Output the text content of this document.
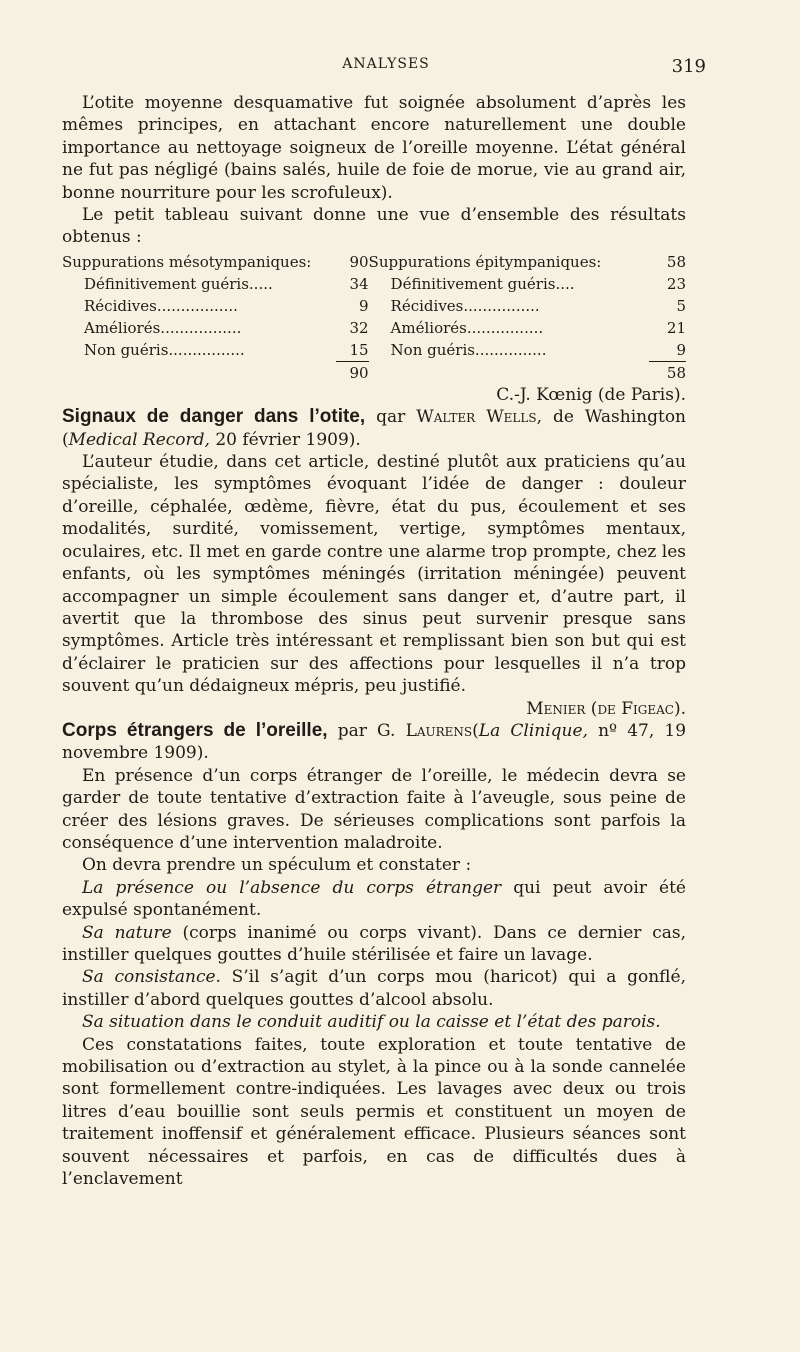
ANALYSES	319

L’otite moyenne desquamative fut soignée absolument d’après les mêmes principes, en attachant encore naturellement une double importance au nettoyage soigneux de l’oreille moyenne. L’état général ne fut pas négligé (bains salés, huile de foie de morue, vie au grand air, bonne nourriture pour les scrofuleux).

Le petit tableau suivant donne une vue d’ensemble des résultats obtenus :

Suppurations mésotympaniques:	90	Suppurations épitympaniques:	58
Définitivement guéris.....	34	Définitivement guéris....	23
Récidives.................	9	Récidives................	5
Améliorés.................	32	Améliorés................	21
Non guéris................	15	Non guéris...............	9
	90		58

C.-J. Kœnig (de Paris).

Signaux de danger dans l’otite, qar Walter Wells, de Washington (Medical Record, 20 février 1909).

L’auteur étudie, dans cet article, destiné plutôt aux praticiens qu’au spécialiste, les symptômes évoquant l’idée de danger : douleur d’oreille, céphalée, œdème, fièvre, état du pus, écoulement et ses modalités, surdité, vomissement, vertige, symptômes mentaux, oculaires, etc. Il met en garde contre une alarme trop prompte, chez les enfants, où les symptômes méningés (irritation méningée) peuvent accompagner un simple écoulement sans danger et, d’autre part, il avertit que la thrombose des sinus peut survenir presque sans symptômes. Article très intéressant et remplissant bien son but qui est d’éclairer le praticien sur des affections pour lesquelles il n’a trop souvent qu’un dédaigneux mépris, peu justifié.

Menier (de Figeac).

Corps étrangers de l’oreille, par G. Laurens(La Clinique, nº 47, 19 novembre 1909).

En présence d’un corps étranger de l’oreille, le médecin devra se garder de toute tentative d’extraction faite à l’aveugle, sous peine de créer des lésions graves. De sérieuses complications sont parfois la conséquence d’une intervention maladroite.

On devra prendre un spéculum et constater :

La présence ou l’absence du corps étranger qui peut avoir été expulsé spontanément.

Sa nature (corps inanimé ou corps vivant). Dans ce dernier cas, instiller quelques gouttes d’huile stérilisée et faire un lavage.

Sa consistance. S’il s’agit d’un corps mou (haricot) qui a gonflé, instiller d’abord quelques gouttes d’alcool absolu.

Sa situation dans le conduit auditif ou la caisse et l’état des parois.

Ces constatations faites, toute exploration et toute tentative de mobilisation ou d’extraction au stylet, à la pince ou à la sonde cannelée sont formellement contre-indiquées. Les lavages avec deux ou trois litres d’eau bouillie sont seuls permis et constituent un moyen de traitement inoffensif et généralement efficace. Plusieurs séances sont souvent nécessaires et parfois, en cas de difficultés dues à l’enclavement
